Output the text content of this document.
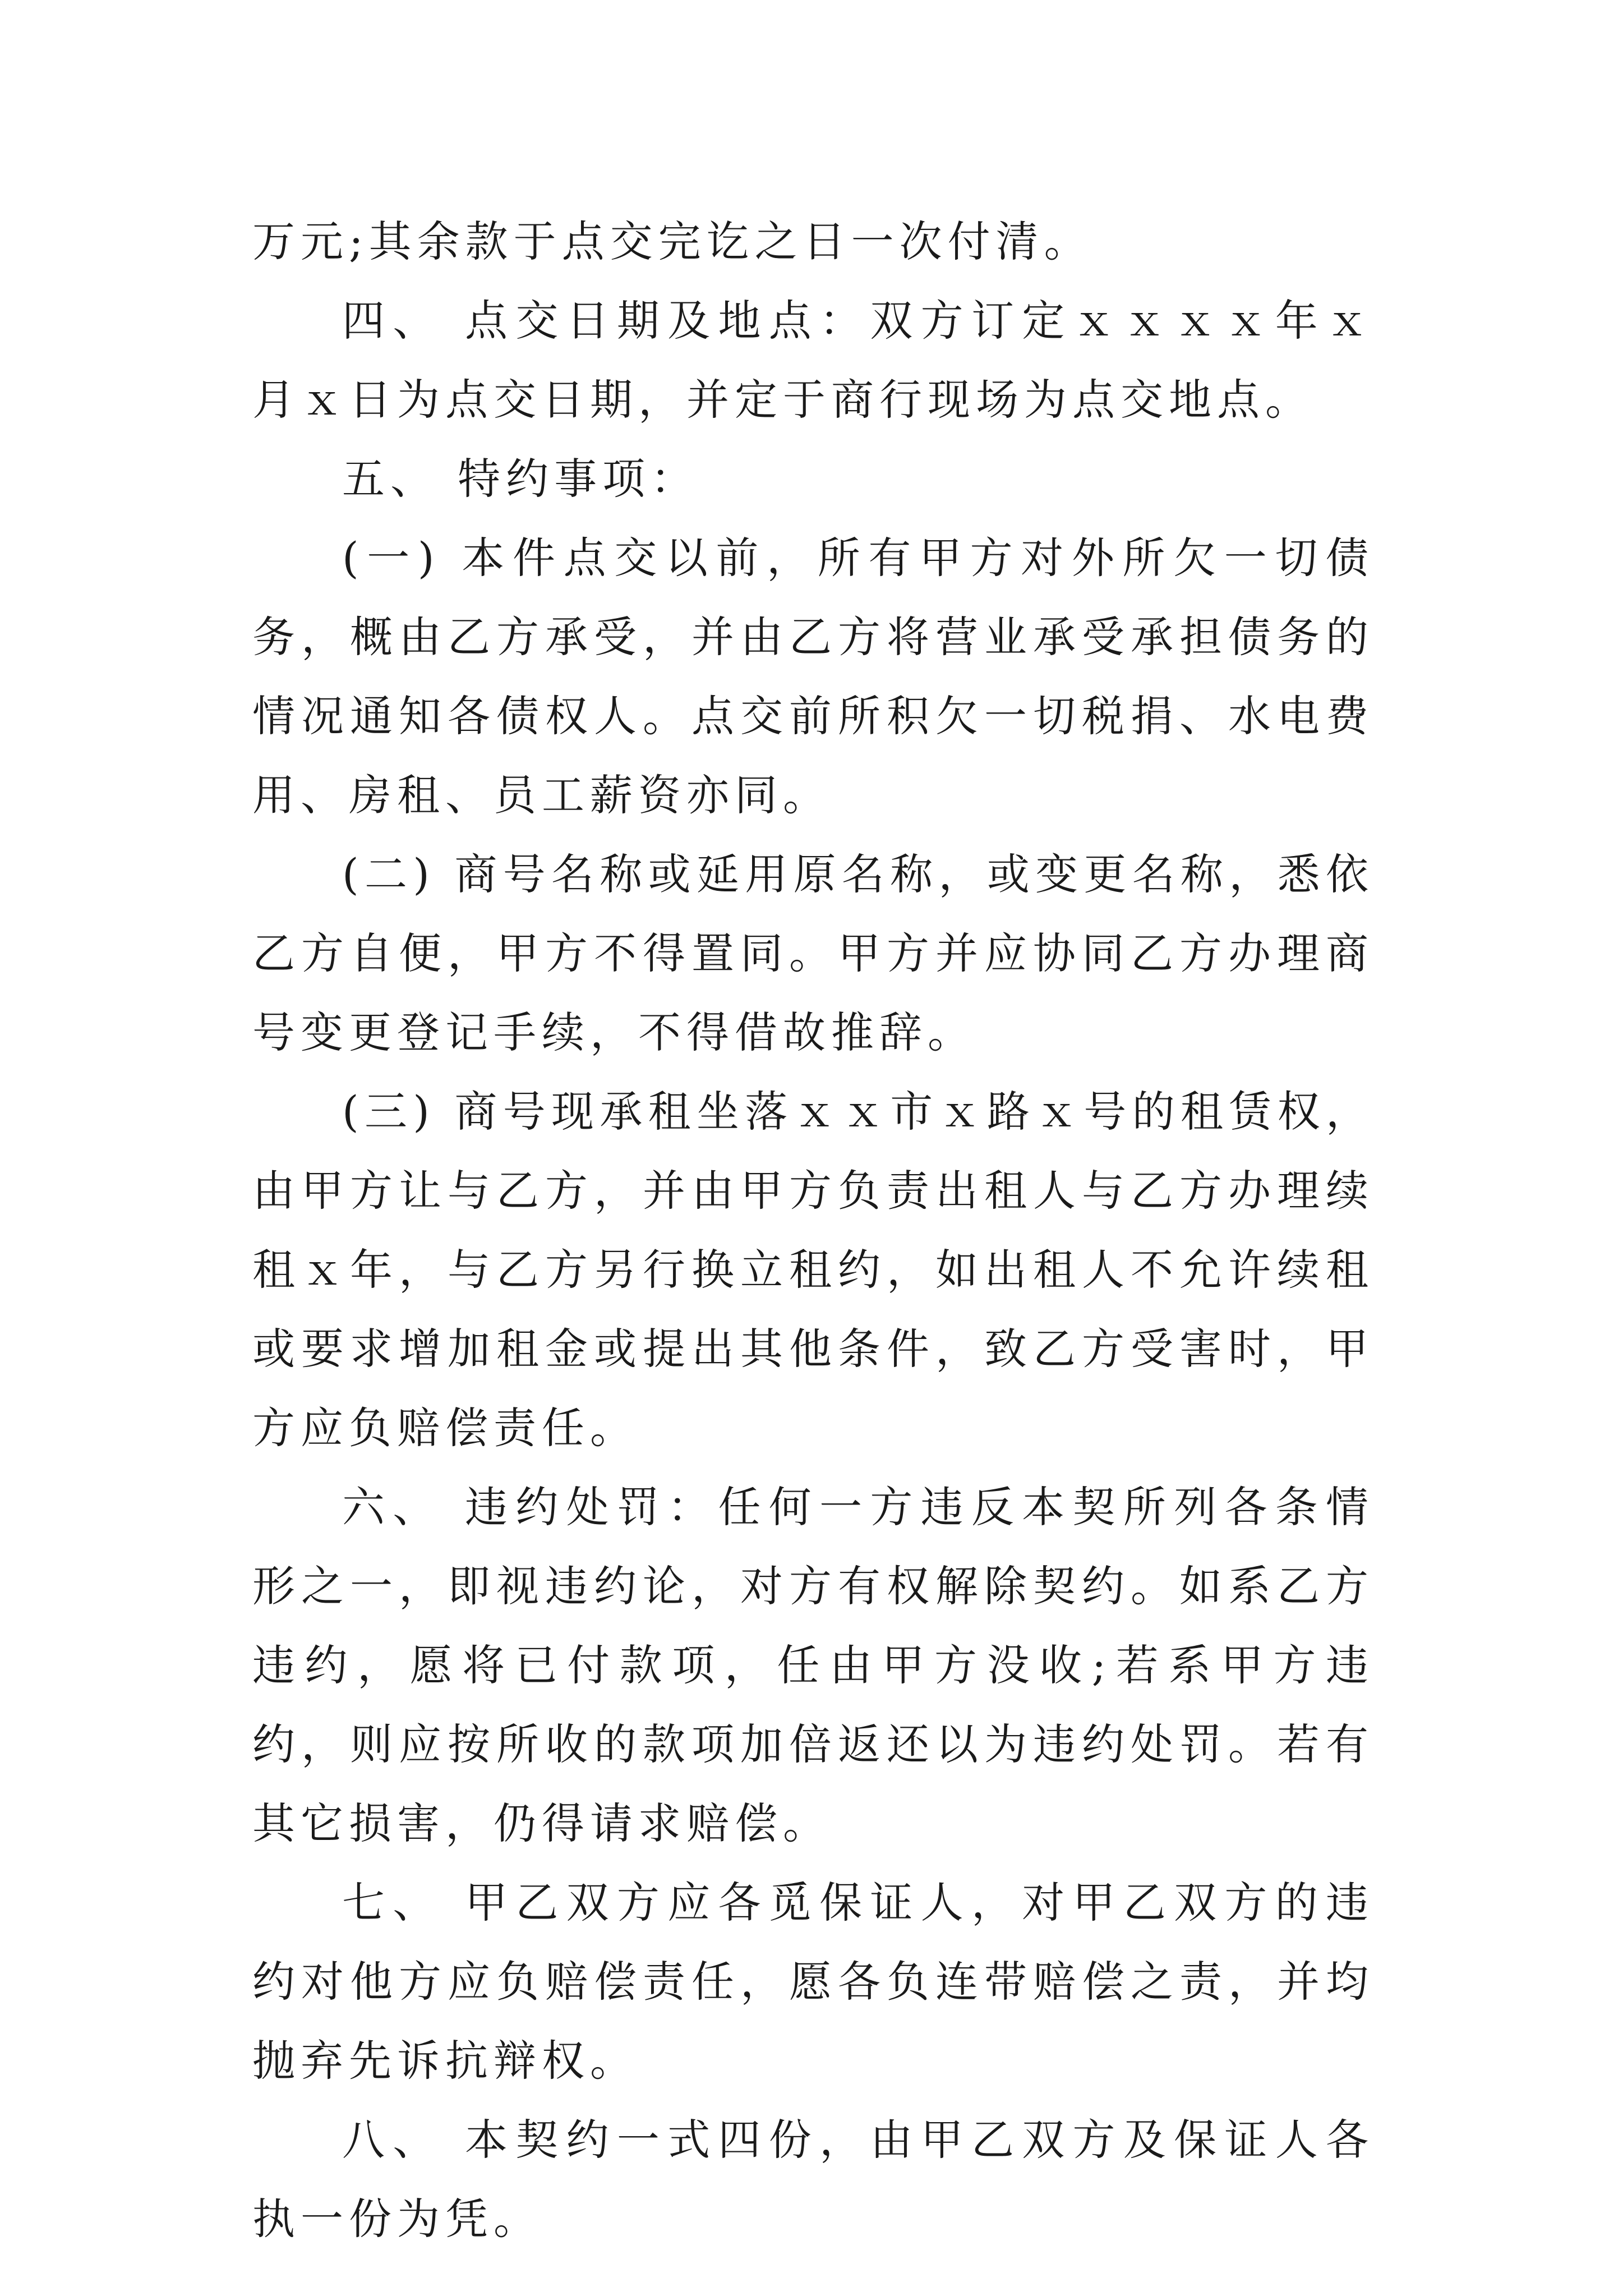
万元;其余款于点交完讫之日一次付清。

四、 点交日期及地点：双方订定ｘｘｘｘ年ｘ月ｘ日为点交日期，并定于商行现场为点交地点。

五、 特约事项：

(一) 本件点交以前，所有甲方对外所欠一切债务，概由乙方承受，并由乙方将营业承受承担债务的情况通知各债权人。点交前所积欠一切税捐、水电费用、房租、员工薪资亦同。

(二) 商号名称或延用原名称，或变更名称，悉依乙方自便，甲方不得置同。甲方并应协同乙方办理商号变更登记手续，不得借故推辞。

(三) 商号现承租坐落ｘｘ市ｘ路ｘ号的租赁权，由甲方让与乙方，并由甲方负责出租人与乙方办理续租ｘ年，与乙方另行换立租约，如出租人不允许续租或要求增加租金或提出其他条件，致乙方受害时，甲方应负赔偿责任。

六、 违约处罚：任何一方违反本契所列各条情形之一，即视违约论，对方有权解除契约。如系乙方违约，愿将已付款项，任由甲方没收;若系甲方违约，则应按所收的款项加倍返还以为违约处罚。若有其它损害，仍得请求赔偿。

七、 甲乙双方应各觅保证人，对甲乙双方的违约对他方应负赔偿责任，愿各负连带赔偿之责，并均抛弃先诉抗辩权。

八、 本契约一式四份，由甲乙双方及保证人各执一份为凭。
